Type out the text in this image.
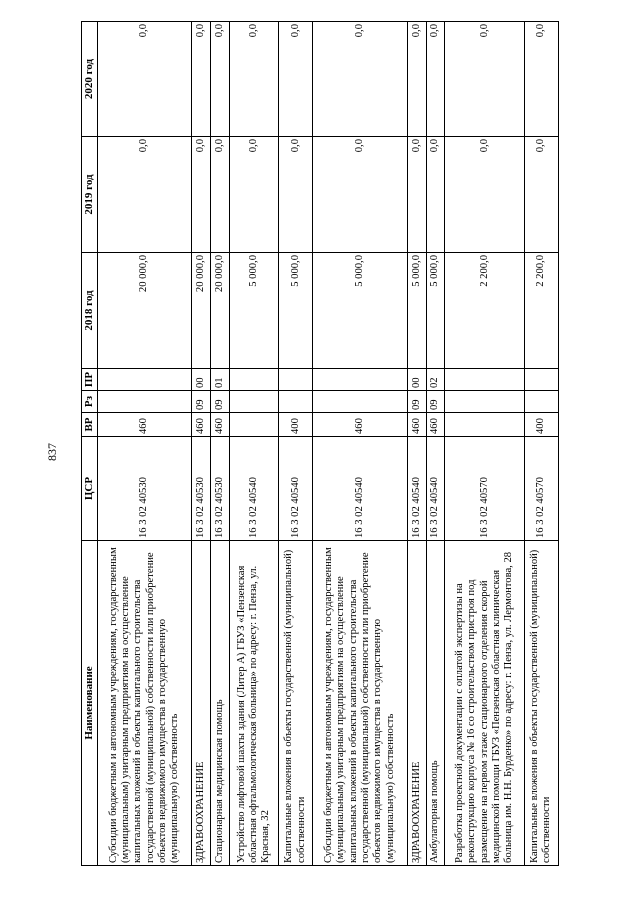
837
Наименование	ЦСР	ВР	Рз	ПР	2018 год	2019 год	2020 год
Субсидии бюджетным и автономным учреждениям, государственным (муниципальным) унитарным предприятиям на осуществление капитальных вложений в объекты капитального строительства государственной (муниципальной) собственности или приобретение объектов недвижимого имущества в государственную (муниципальную) собственность	16 3 02 40530	460			20 000,0	0,0	0,0
ЗДРАВООХРАНЕНИЕ	16 3 02 40530	460	09	00	20 000,0	0,0	0,0
Стационарная медицинская помощь	16 3 02 40530	460	09	01	20 000,0	0,0	0,0
Устройство лифтовой шахты здания (Литер А) ГБУЗ «Пензенская областная офтальмологическая больница» по адресу: г. Пенза, ул. Красная, 32	16 3 02 40540				5 000,0	0,0	0,0
Капитальные вложения в объекты государственной (муниципальной) собственности	16 3 02 40540	400			5 000,0	0,0	0,0
Субсидии бюджетным и автономным учреждениям, государственным (муниципальным) унитарным предприятиям на осуществление капитальных вложений в объекты капитального строительства государственной (муниципальной) собственности или приобретение объектов недвижимого имущества в государственную (муниципальную) собственность	16 3 02 40540	460			5 000,0	0,0	0,0
ЗДРАВООХРАНЕНИЕ	16 3 02 40540	460	09	00	5 000,0	0,0	0,0
Амбулаторная помощь	16 3 02 40540	460	09	02	5 000,0	0,0	0,0
Разработка проектной документации с оплатой экспертизы на реконструкцию корпуса № 16 со строительством пристроя под размещение на первом этаже стационарного отделения скорой медицинской помощи ГБУЗ «Пензенская областная клиническая больница им. Н.Н. Бурденко» по адресу: г. Пенза, ул. Лермонтова, 28	16 3 02 40570				2 200,0	0,0	0,0
Капитальные вложения в объекты государственной (муниципальной) собственности	16 3 02 40570	400			2 200,0	0,0	0,0
